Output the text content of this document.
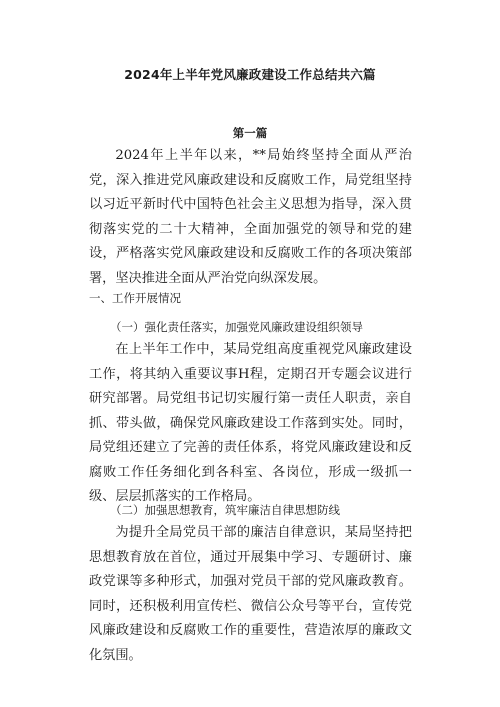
2024年上半年党风廉政建设工作总结共六篇
第一篇

2024年上半年以来，**局始终坚持全面从严治党，深入推进党风廉政建设和反腐败工作，局党组坚持以习近平新时代中国特色社会主义思想为指导，深入贯彻落实党的二十大精神，全面加强党的领导和党的建设，严格落实党风廉政建设和反腐败工作的各项决策部署，坚决推进全面从严治党向纵深发展。

一、工作开展情况
（一）强化责任落实，加强党风廉政建设组织领导

在上半年工作中，某局党组高度重视党风廉政建设工作，将其纳入重要议事H程，定期召开专题会议进行研究部署。局党组书记切实履行第一责任人职责，亲自抓、带头做，确保党风廉政建设工作落到实处。同时，局党组还建立了完善的责任体系，将党风廉政建设和反腐败工作任务细化到各科室、各岗位，形成一级抓一级、层层抓落实的工作格局。

（二）加强思想教育，筑牢廉洁自律思想防线

为提升全局党员干部的廉洁自律意识，某局坚持把思想教育放在首位，通过开展集中学习、专题研讨、廉政党课等多种形式，加强对党员干部的党风廉政教育。同时，还积极利用宣传栏、微信公众号等平台，宣传党风廉政建设和反腐败工作的重要性，营造浓厚的廉政文化氛围。
